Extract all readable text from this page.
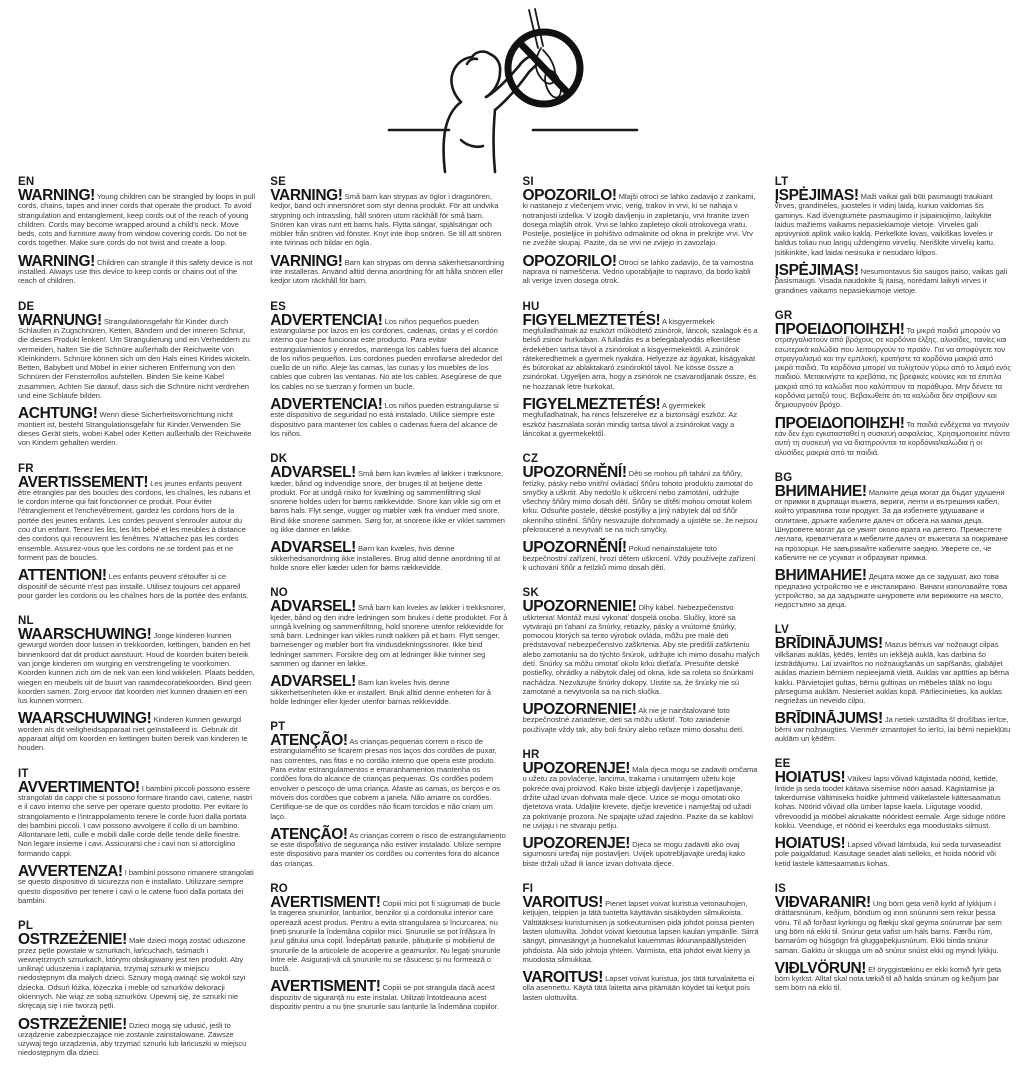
EN

WARNING! Young children can be strangled by loops in pull cords, chains, tapes and inner cords that operate the product. To avoid strangulation and entanglement, keep cords out of the reach of young children. Cords may become wrapped around a child's neck. Move beds, cots and furniture away from window covering cords. Do not tie cords together. Make sure cords do not twist and create a loop.

WARNING! Children can strangle if this safety device is not installed. Always use this device to keep cords or chains out of the reach of children.

DE

WARNUNG! Strangulationsgefahr für Kinder durch Schlaufen in Zugschnüren, Ketten, Bändern und der inneren Schnur, die dieses Produkt lenken!. Um Strangulierung und ein Verheddern zu vermeiden, halten Sie die Schnüre außerhalb der Reichweite von Kleinkindern. Schnüre können sich um den Hals eines Kindes wickeln. Betten, Babybett und Möbel in einer sicheren Entfernung von den Schnüren der Fensterrollos aufstellen. Binden Sie keine Kabel zusammen. Achten Sie darauf, dass sich die Schnüre nicht verdrehen und eine Schlaufe bilden.

ACHTUNG! Wenn diese Sicherheitsvorrichtung nicht montiert ist, besteht Strangulationsgefahr für Kinder.Verwenden Sie dieses Gerät stets, wobei Kabel oder Ketten außerhalb der Reichweite von Kindern gehalten werden.

FR

AVERTISSEMENT! Les jeunes enfants peuvent être étranglés par des boucles des cordons, les chaînes, les rubans et le cordon interne qui fait fonctionner ce produit. Pour éviter l'étranglement et l'enchevêtrement, gardez les cordons hors de la portée des jeunes enfants. Les cordes peuvent s'enrouler autour du cou d'un enfant. Tenez les lits, les lits bébé et les meubles à distance des cordons qui recouvrent les fenêtres. N'attachez pas les cordes ensemble. Assurez-vous que les cordons ne se tordent pas et ne forment pas de boucles.

ATTENTION! Les enfants peuvent s'étouffer si ce dispositif de sécurité n'est pas installé. Utilisez toujours cet appareil pour garder les cordons ou les chaînes hors de la portée des enfants.

NL

WAARSCHUWING! Jonge kinderen kunnen gewurgd worden door lussen in trekkoorden, kettingen, banden en het binnenkoord dat dit product aanstuurt. Houd de koorden buiten bereik van jonge kinderen om wurging en verstrengeling te voorkomen. Koorden kunnen zich om de nek van een kind wikkelen. Plaats bedden, wiegen en meubels uit de buurt van raamdecoratiekoorden. Bind geen koorden samen. Zorg ervoor dat koorden niet kunnen draaien en een lus kunnen vormen.

WAARSCHUWING! Kinderen kunnen gewurgd worden als dit veiligheidsapparaat niet geïnstalleerd is. Gebruik dit apparaat altijd om koorden en kettingen buiten bereik van kinderen te houden.

IT

AVVERTIMENTO! I bambini piccoli possono essere strangolati da cappi che si possono formare tirando cavi, catene, nastri e il cavo interno che serve per operare questo prodotto. Per evitare lo strangolamento e l'intrappolamento tenere le corde fuori dalla portata dei bambini piccoli. I cavi possono avvolgere il collo di un bambino. Allontanare letti, culle e mobili dalle corde delle tende delle finestre. Non legare insieme i cavi. Assicurarsi che i cavi non si attorciglino formando cappi.

AVVERTENZA! I bambini possono rimanere strangolati se questo dispositivo di sicurezza non è installato. Utilizzare sempre questo dispositivo per tenere i cavi o le catene fuori dalla portata dei bambini.

PL

OSTRZEŻENIE! Małe dzieci mogą zostać uduszone przez pętle powstałe w sznurkach, łańcuchach, taśmach i wewnętrznych sznurkach, którymi obsługiwany jest ten produkt. Aby uniknąć uduszenia i zaplątania, trzymaj sznurki w miejscu niedostępnym dla małych dzieci. Sznury mogą owinąć się wokół szyi dziecka. Odsuń łóżka, łóżeczka i meble od sznurków dekoracji okiennych. Nie wiąż ze sobą sznurków. Upewnij się, że sznurki nie skręcają się i nie tworzą pętli.

OSTRZEŻENIE! Dzieci mogą się udusić, jeśli to urządzenie zabezpieczające nie zostanie zainstalowane. Zawsze używaj tego urządzenia, aby trzymać sznurki lub łańcuszki w miejscu niedostępnym dla dzieci.

SE

VARNING! Små barn kan strypas av öglor i dragsnören, kedjor, band och innersnöret som styr denna produkt. För att undvika strypning och intrassling, håll snören utom räckhåll för små barn. Snören kan viras runt ett barns hals. Flytta sängar, spjälsängar och möbler från snören vid fönster. Knyt inte ihop snören. Se till att snören inte tvinnas och bildar en ögla.

VARNING! Barn kan strypas om denna säkerhetsanordning inte installeras. Använd alltid denna anordning för att hålla snören eller kedjor utom räckhåll för barn.

ES

ADVERTENCIA! Los niños pequeños pueden estrangularse por lazos en los cordones, cadenas, cintas y el cordón interno que hace funcionar este producto. Para evitar estrangulamientos y enredos, mantenga los cables fuera del alcance de los niños pequeños. Los cordones pueden enrollarse alrededor del cuello de un niño. Aleje las camas, las cunas y los muebles de los cables que cubren las ventanas. No ate los cables. Asegúrese de que los cables no se tuerzan y formen un bucle.

ADVERTENCIA! Los niños pueden estrangularse si este dispositivo de seguridad no está instalado. Utilice siempre este dispositivo para mantener los cables o cadenas fuera del alcance de los niños.

DK

ADVARSEL! Små børn kan kvæles af løkker i træksnore, kæder, bånd og indvendige snore, der bruges til at betjene dette produkt. For at undgå risiko for kvælning og sammenfiltring skal snorene holdes uden for børns rækkevidde. Snore kan vikle sig om et barns hals. Flyt senge, vugger og møbler væk fra vinduer med snore. Bind ikke snorene sammen. Sørg for, at snorene ikke er viklet sammen og ikke danner en løkke.

ADVARSEL! Børn kan kvæles, hvis denne sikkerhedsanordning ikke installeres. Brug altid denne anordning til at holde snore eller kæder uden for børns rækkevidde.

NO

ADVARSEL! Små barn kan kveles av løkker i trekksnorer, kjeder, bånd og den indre ledningen som brukes i dette produktet. For å unngå kvelning og sammenfiltring, hold snorene utenfor rekkevidde for små barn. Ledninger kan vikles rundt nakken på et barn. Flytt senger, barnesenger og møbler bort fra vindusdekningssnorer. Ikke bind ledninger sammen. Forsikre deg om at ledninger ikke tvinner seg sammen og danner en løkke.

ADVARSEL! Barn kan kveles hvis denne sikkerhetsenheten ikke er installert. Bruk alltid denne enheten for å holde ledninger eller kjeder utenfor barnas rekkevidde.

PT

ATENÇÃO! As crianças pequenas correm o risco de estrangulamento se ficarem presas nos laços dos cordões de puxar, nas correntes, nas fitas e no cordão interno que opera este produto. Para evitar estrangulamentos e emaranhamentos mantenha os cordões fora do alcance de crianças pequenas. Os cordões podem envolver o pescoço de uma criança. Afaste as camas, os berços e os móveis dos cordões que cobrem a janela. Não amarre os cordões. Certifique-se de que os cordões não ficam torcidos e não criam um laço.

ATENÇÃO! As crianças correm o risco de estrangulamento se este dispositivo de segurança não estiver instalado. Utilize sempre este dispositivo para manter os cordões ou correntes fora do alcance das crianças.

RO

AVERTISMENT! Copiii mici pot fi sugrumați de bucle la tragerea șnururilor, lanțurilor, benzilor și a cordonului interior care operează acest produs. Pentru a evita strangularea și încurcarea, nu țineți șnururile la îndemâna copiilor mici. Șnururile se pot înfășura în jurul gâtului unui copil. Îndepărtați paturile, pătuțurile și mobilierul de șnururile de la articolele de acoperire a geamurilor. Nu legați șnururile între ele. Asigurați-vă că șnururile nu se răsucesc și nu formează o buclă.

AVERTISMENT! Copiii se pot strangula dacă acest dispozitiv de siguranță nu este instalat. Utilizați întotdeauna acest dispozitiv pentru a nu ține șnururile sau lanțurile la îndemâna copiilor.

SI

OPOZORILO! Mlajši otroci se lahko zadavijo z zankami, ki nastanejo z vlečenjem vrvic, verig, trakov in vrvi, ki se nahaja v notranjosti izdelka. V izogib davljenju in zapletanju, vrvi hranite izven dosega mlajših otrok. Vrvi se lahko zapletejo okoli otrokovega vratu. Postelje, posteljice in pohištvo odmaknite od okna in prekrijte vrvi. Vrv ne zvežite skupaj. Pazite, da se vrvi ne zvijejo in zavozlajo.

OPOZORILO! Otroci se lahko zadavijo, če ta varnostna naprava ni nameščena. Vedno uporabljajte to napravo, da bodo kabli ali verige izven dosega otrok.

HU

FIGYELMEZTETÉS! A kisgyermekek megfulladhatnak az eszközt működtető zsinórok, láncok, szalagok és a belső zsinór hurkaiban. A fulladás és a belegabalyodás elkerülése érdekében tartsa távol a zsinórokat a kisgyermekektől. A zsinórok rátekeredhetnek a gyermek nyakára. Helyezze az ágyakat, kiságyakat és bútorokat az ablaktakaró zsinóroktól távol. Ne kösse össze a zsinórokat. Ügyeljen arra, hogy a zsinórok ne csavarodjanak össze, és ne hozzanak létre hurkokat.

FIGYELMEZTETÉS! A gyermekek megfulladhatnak, ha nincs felszerelve ez a biztonsági eszköz. Az eszköz használata során mindig tartsa távol a zsinórokat vagy a láncokat a gyermekektől.

CZ

UPOZORNĚNÍ! Děti se mohou při tahání za šňůry, řetízky, pásky nebo vnitřní ovládací šňůru tohoto produktu zamotat do smyčky a uškrtit. Aby nedošlo k uškrcení nebo zamotání, udržujte všechny šňůry mimo dosah dětí. Šňůry se dítěti mohou omotat kolem krku. Odsuňte postele, dětské postýlky a jiný nábytek dál od šňůr okenního stínění. Šňůry nesvazujte dohromady a ujistěte se, že nejsou překroucené a nevytváří se na nich smyčky.

UPOZORNĚNÍ! Pokud nenainstalujete toto bezpečnostní zařízení, hrozí dětem uškrcení. Vždy používejte zařízení k uchování šňůr a řetízků mimo dosah dětí.

SK

UPOZORNENIE! Dlhý kábel. Nebezpečenstvo uškrtenia! Montáž musí vykonať dospelá osoba. Slučky, ktoré sa vytvárajú pri ťahaní za šnúrky, retiazky, pásky a vnútorné šnúrky, pomocou ktorých sa tento výrobok ovláda, môžu pre malé deti predstavovať nebezpečenstvo zaškrtenia. Aby ste predišli zaškrteniu alebo zamotaniu sa do týchto šnúrok, udržujte ich mimo dosahu malých detí. Šnúrky sa môžu omotať okolo krku dieťaťa. Presuňte detské postieľky, ohrádky a nábytok ďalej od okna, kde sa roleta so šnúrkami nachádza. Nezväzujte šnúrky dokopy. Uistite sa, že šnúrky nie sú zamotané a nevytvorila sa na nich slučka.

UPOZORNENIE! Ak nie je nainštalované toto bezpečnostné zariadenie, deti sa môžu uškrtiť. Toto zariadenie používajte vždy tak, aby boli šnúry alebo reťaze mimo dosahu detí.

HR

UPOZORENJE! Mala djeca mogu se zadaviti omčama u užetu za povlačenje, lancima, trakama i unutarnjem užetu koje pokreće ovaj proizvod. Kako biste izbjegli davljenje i zapetljavanje, držite užad izvan dohvata male djece. Uzice se mogu omotati oko djetetova vrata. Udaljite krevete, dječje krevetiće i namještaj od užadi za pokrivanje prozora. Ne spajajte užad zajedno. Pazite da se kablovi ne uvijaju i ne stvaraju petlju.

UPOZORENJE! Djeca se mogu zadaviti ako ovaj sigurnosni uređaj nije postavljen. Uvijek upotrebljavajte uređaj kako biste držali užad ili lance izvan dohvata djece.

FI

VAROITUS! Pienet lapset voivat kuristua vetonauhojen, ketjujen, teippien ja tätä tuotetta käyttävän sisäköyden silmukoista. Välttääksesi kuristumisen ja sotkeutumisen pidä johdot poissa pienten lasten ulottuvilta. Johdot voivat kietoutua lapsen kaulan ympärille. Siirrä sängyt, pinnasängyt ja huonekalut kauemmas ikkunanpäällysteiden johdoista. Älä sido johtoja yhteen. Varmista, että johdot eivät kierry ja muodosta silmukkaa.

VAROITUS! Lapset voivat kuristua, jos tätä turvalaitetta ei olla asennettu. Käytä tätä laitetta aina pitämään köydet tai ketjut pois lasten ulottuvilta.

LT

ĮSPĖJIMAS! Maži vaikai gali būti pasmaugti traukiant virves, grandinėles, juosteles ir vidinį laidą, kuriuo valdomas šis gaminys. Kad išvengtumėte pasmaugimo ir įsipainiojimo, laikykite laidus mažiems vaikams nepasiekiamoje vietoje. Virvelės gali apsivynioti aplink vaiko kaklą. Perkelkite lovas, vaikiškas loveles ir baldus toliau nuo langų uždengimo virvelių. Neriškite virvelių kartu. Įsitikinkite, kad laidai nesisuka ir nesudaro kilpos.

ĮSPĖJIMAS! Nesumontavus šio saugos įtaiso, vaikas gali pasismaugti. Visada naudokite šį įtaisą, norėdami laikyti virves ir grandines vaikams nepasiekiamoje vietoje.

GR

ΠΡΟΕΙΔΟΠΟΙΗΣΗ! Τα μικρά παιδιά μπορούν να στραγγαλιστούν από βρόχους σε κορδόνια έλξης, αλυσίδες, ταινίες και εσωτερικά καλώδια που λειτουργούν το προϊόν. Για να αποφύγετε τον στραγγαλισμό και την εμπλοκή, κρατήστε τα κορδόνια μακριά από μικρά παιδιά. Τα κορδόνια μπορεί να τυλιχτούν γύρω από το λαιμό ενός παιδιού. Μετακινήστε τα κρεβάτια, τις βρεφικές κούνιες και τα έπιπλα μακριά από τα καλώδια που καλύπτουν τα παράθυρα. Μην δένετε τα κορδόνια μεταξύ τους. Βεβαιωθείτε ότι τα καλώδια δεν στρίβουν και δημιουργούν βρόχο.

ΠΡΟΕΙΔΟΠΟΙΗΣΗ! Τα παιδιά ενδέχεται να πνιγούν εάν δεν έχει εγκατασταθεί η συσκευή ασφαλείας. Χρησιμοποιείτε πάντα αυτή τη συσκευή για να διατηρούνται τα κορδόνια/καλώδια ή οι αλυσίδες μακριά από τα παιδιά.

BG

ВНИМАНИЕ! Малките деца могат да бъдат удушени от примки в дърпащи въжета, вериги, ленти и вътрешния кабел, който управлява този продукт. За да избегнете удушаване и оплитане, дръжте кабелите далеч от обсега на малки деца. Шнуровете могат да се увият около врата на детето. Преместете леглата, креватчетата и мебелите далеч от въжетата за покриване на прозорци. Не завързвайте кабелите заедно. Уверете се, че кабелите не се усукват и образуват примка.

ВНИМАНИЕ! Децата може да се задушат, ако това предпазно устройство не е инсталирано. Винаги използвайте това устройство, за да задържате шнуровете или верижките на място, недостъпно за деца.

LV

BRĪDINĀJUMS! Mazus bērnus var nožņaugt cilpas vilkšanas auklās, ķēdēs, lentēs un iekšējā auklā, kas darbina šo izstrādājumu. Lai izvairītos no nožņaugšanās un sapīšanās, glabājiet auklas maziem bērniem nepieejamā vietā. Auklas var aptīties ap bērna kaklu. Pārvietojiet gultas, bērnu gultiņas un mēbeles tālāk no logu pārseguma auklām. Nesieniet auklas kopā. Pārliecinieties, ka auklas negriežas un neveido cilpu.

BRĪDINĀJUMS! Ja netiek uzstādīta šī drošības ierīce, bērni var nožņaugties. Vienmēr izmantojiet šo ierīci, lai bērni nepiekļūtu auklām un ķēdēm.

EE

HOIATUS! Väikesi lapsi võivad kägistada nöörid, kettide, lintide ja seda toodet käitava sisemise nööri aasad. Kägistamise ja takerdumise vältimiseks hoidke juhtmeid väikelastele kättesaamatus kohas. Nöörid võivad olla ümber lapse kaela. Liigutage voodid, võrevoodid ja mööbel aknakatte nööridest eemale. Ärge siduge nööre kokku. Veenduge, et nöörid ei keerduks ega moodustaks silmust.

HOIATUS! Lapsed võivad lämbuda, kui seda turvaseadist pole paigaldatud. Kasutage seadet alati selleks, et hoida nöörid või ketid lastele kättesaamatus kohas.

IS

VIÐVARANIR! Ung börn geta verið kyrkt af lykkjum í dráttarsnúrum, keðjum, böndum og innri snúrunni sem rekur þessa vöru. Til að forðast kyrkingu og flækju skal geyma snúrurnar þar sem ung börn ná ekki til. Snúrur geta vafist um háls barns. Færðu rúm, barnarúm og húsgögn frá gluggaþekjusnúrum. Ekki binda snúrur saman. Gakktu úr skugga um að snúrur snúist ekki og myndi lykkju.

VIÐLVÖRUN! Ef öryggistækinu er ekki komið fyrir geta börn kyrkst. Alltaf skal nota tækið til að halda snúrum og keðjum þar sem börn ná ekki til.
